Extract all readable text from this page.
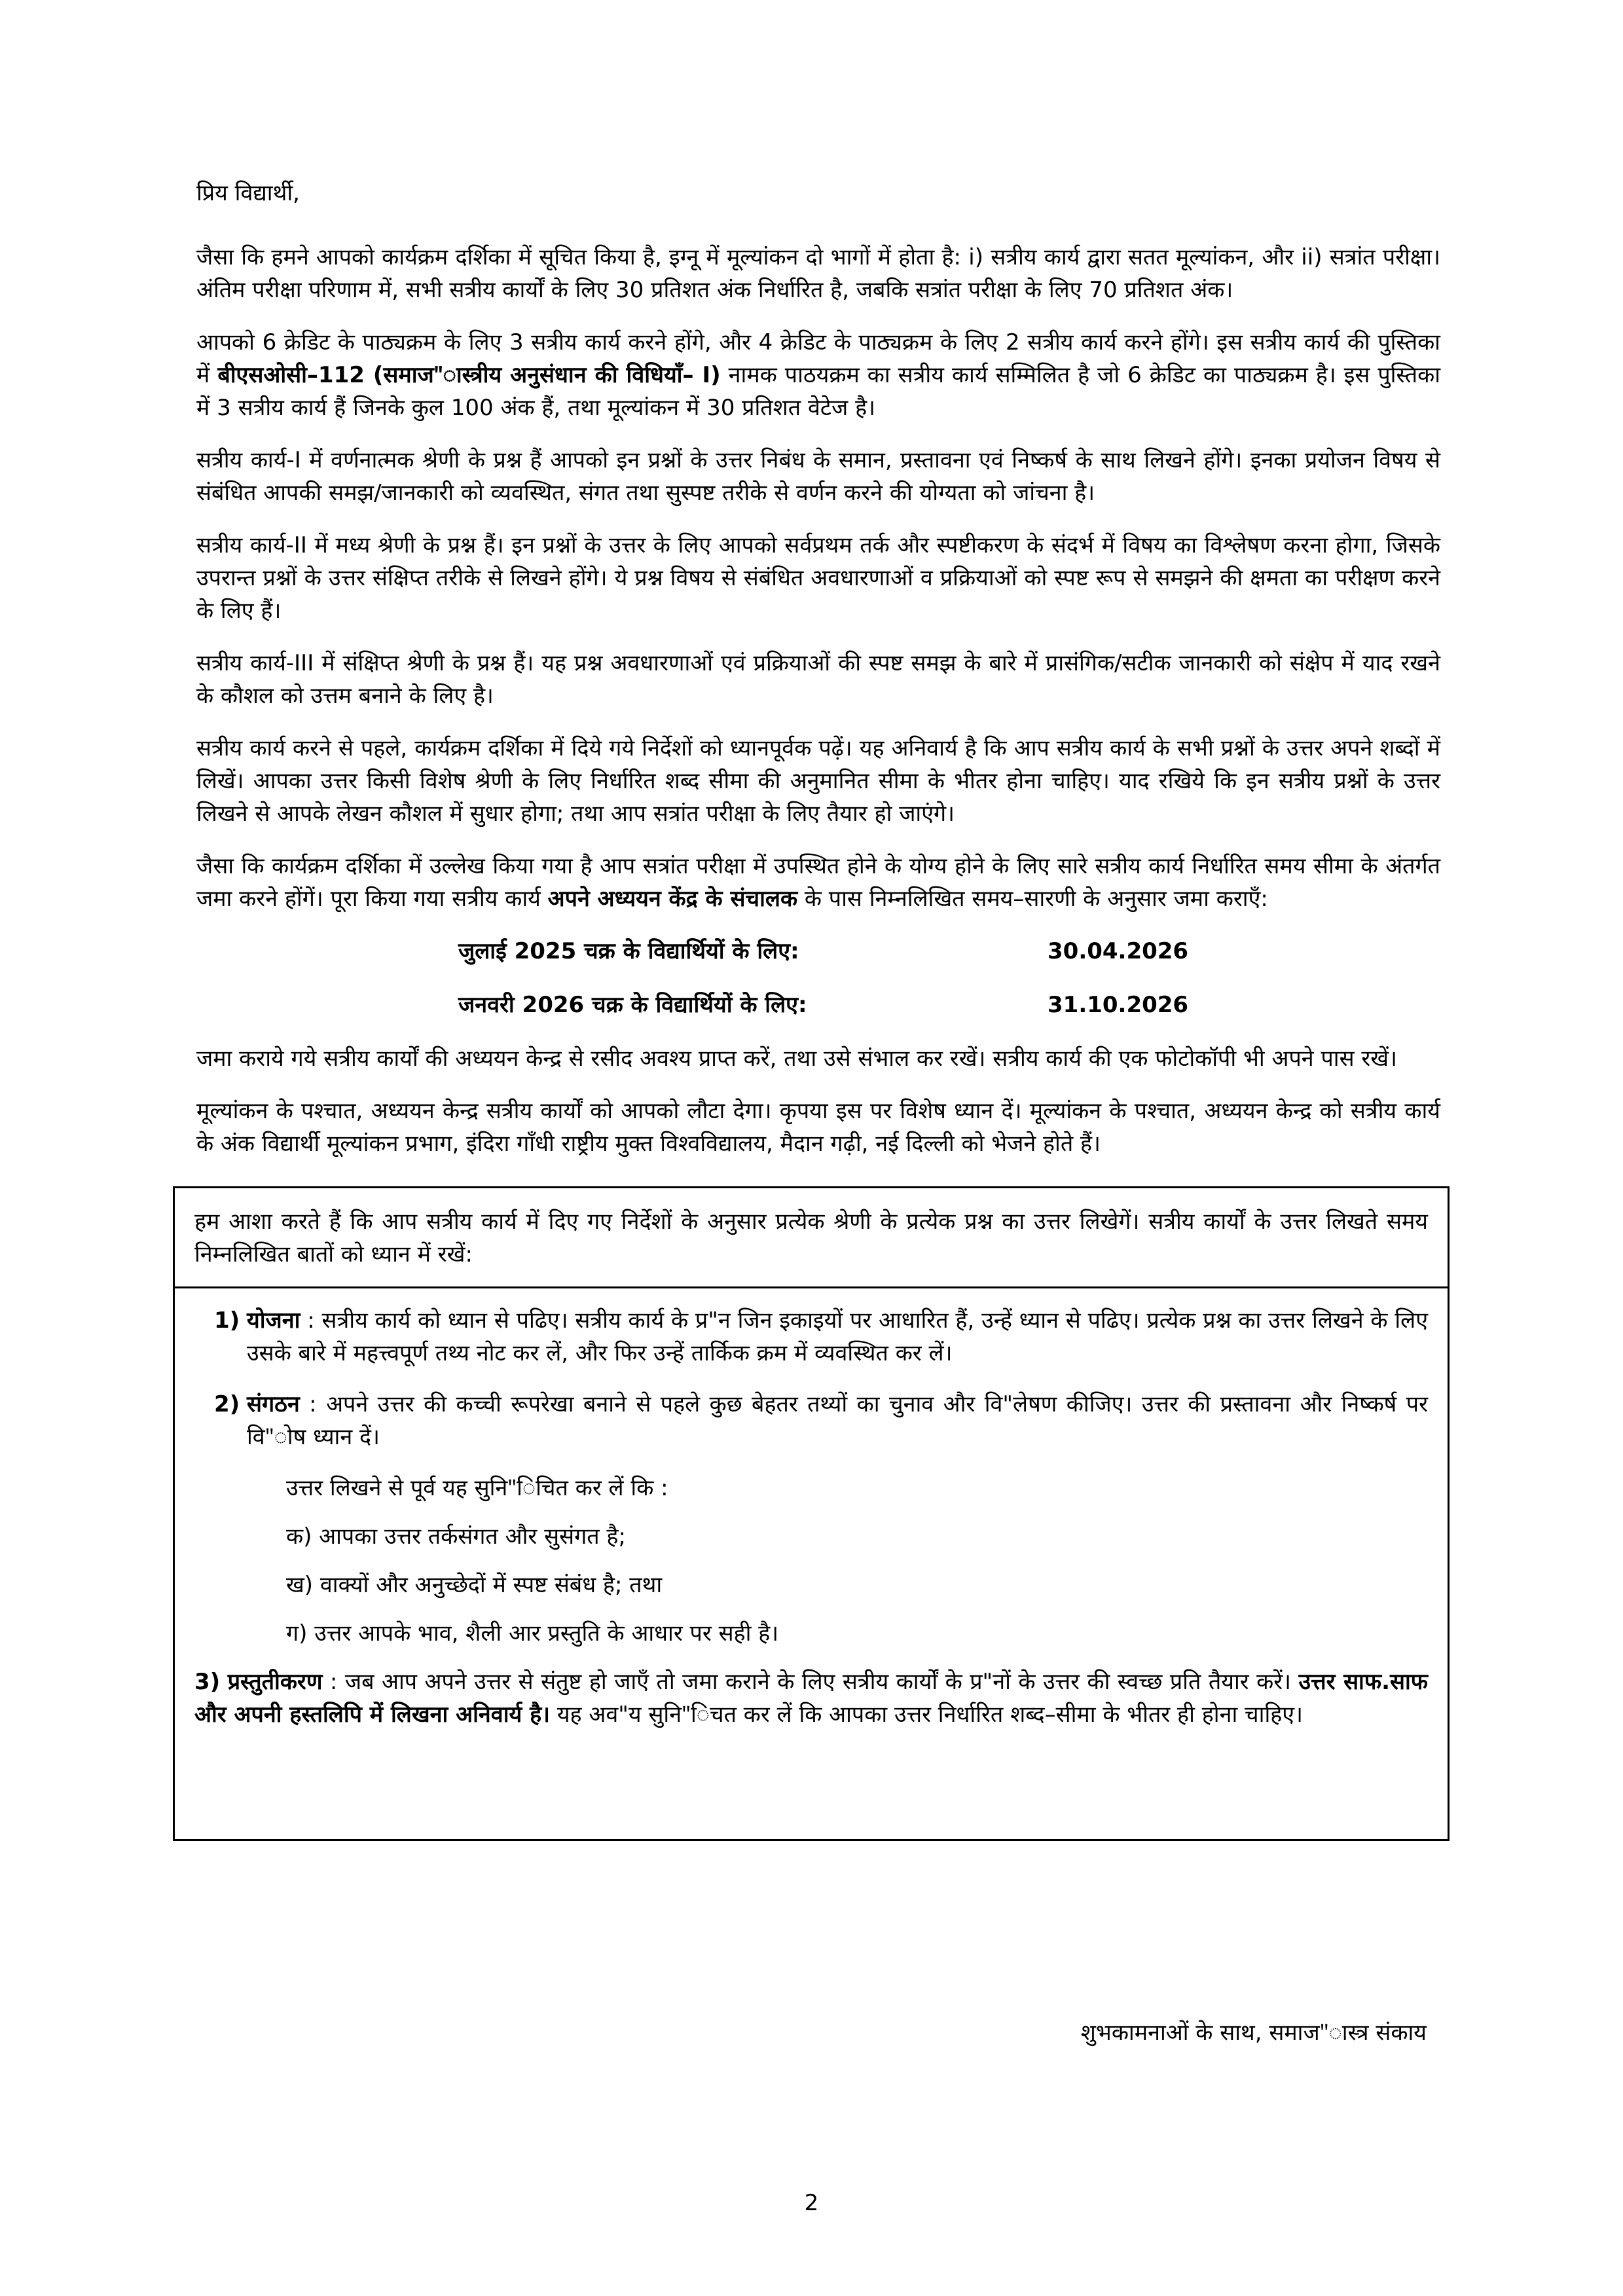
प्रिय विद्यार्थी,

जैसा कि हमने आपको कार्यक्रम दर्शिका में सूचित किया है, इग्नू में मूल्यांकन दो भागों में होता है: i) सत्रीय कार्य द्वारा सतत मूल्यांकन, और ii) सत्रांत परीक्षा। अंतिम परीक्षा परिणाम में, सभी सत्रीय कार्यों के लिए 30 प्रतिशत अंक निर्धारित है, जबकि सत्रांत परीक्षा के लिए 70 प्रतिशत अंक।

आपको 6 क्रेडिट के पाठ्यक्रम के लिए 3 सत्रीय कार्य करने होंगे, और 4 क्रेडिट के पाठ्यक्रम के लिए 2 सत्रीय कार्य करने होंगे। इस सत्रीय कार्य की पुस्तिका में बीएसओसी–112 (समाज"ास्त्रीय अनुसंधान की विधियाँ– I) नामक पाठयक्रम का सत्रीय कार्य सम्मिलित है जो 6 क्रेडिट का पाठ्यक्रम है। इस पुस्तिका में 3 सत्रीय कार्य हैं जिनके कुल 100 अंक हैं, तथा मूल्यांकन में 30 प्रतिशत वेटेज है।

सत्रीय कार्य-I में वर्णनात्मक श्रेणी के प्रश्न हैं आपको इन प्रश्नों के उत्तर निबंध के समान, प्रस्तावना एवं निष्कर्ष के साथ लिखने होंगे। इनका प्रयोजन विषय से संबंधित आपकी समझ/जानकारी को व्यवस्थित, संगत तथा सुस्पष्ट तरीके से वर्णन करने की योग्यता को जांचना है।

सत्रीय कार्य-II में मध्य श्रेणी के प्रश्न हैं। इन प्रश्नों के उत्तर के लिए आपको सर्वप्रथम तर्क और स्पष्टीकरण के संदर्भ में विषय का विश्लेषण करना होगा, जिसके उपरान्त प्रश्नों के उत्तर संक्षिप्त तरीके से लिखने होंगे। ये प्रश्न विषय से संबंधित अवधारणाओं व प्रक्रियाओं को स्पष्ट रूप से समझने की क्षमता का परीक्षण करने के लिए हैं।

सत्रीय कार्य-III में संक्षिप्त श्रेणी के प्रश्न हैं। यह प्रश्न अवधारणाओं एवं प्रक्रियाओं की स्पष्ट समझ के बारे में प्रासंगिक/सटीक जानकारी को संक्षेप में याद रखने के कौशल को उत्तम बनाने के लिए है।

सत्रीय कार्य करने से पहले, कार्यक्रम दर्शिका में दिये गये निर्देशों को ध्यानपूर्वक पढ़ें। यह अनिवार्य है कि आप सत्रीय कार्य के सभी प्रश्नों के उत्तर अपने शब्दों में लिखें। आपका उत्तर किसी विशेष श्रेणी के लिए निर्धारित शब्द सीमा की अनुमानित सीमा के भीतर होना चाहिए। याद रखिये कि इन सत्रीय प्रश्नों के उत्तर लिखने से आपके लेखन कौशल में सुधार होगा; तथा आप सत्रांत परीक्षा के लिए तैयार हो जाएंगे।

जैसा कि कार्यक्रम दर्शिका में उल्लेख किया गया है आप सत्रांत परीक्षा में उपस्थित होने के योग्य होने के लिए सारे सत्रीय कार्य निर्धारित समय सीमा के अंतर्गत जमा करने होंगें। पूरा किया गया सत्रीय कार्य अपने अध्ययन केंद्र के संचालक के पास निम्नलिखित समय–सारणी के अनुसार जमा कराएँ:

जुलाई 2025 चक्र के विद्यार्थियों के लिए:	30.04.2026
जनवरी 2026 चक्र के विद्यार्थियों के लिए:	31.10.2026

जमा कराये गये सत्रीय कार्यों की अध्ययन केन्द्र से रसीद अवश्य प्राप्त करें, तथा उसे संभाल कर रखें। सत्रीय कार्य की एक फोटोकॉपी भी अपने पास रखें।

मूल्यांकन के पश्चात, अध्ययन केन्द्र सत्रीय कार्यों को आपको लौटा देगा। कृपया इस पर विशेष ध्यान दें। मूल्यांकन के पश्चात, अध्ययन केन्द्र को सत्रीय कार्य के अंक विद्यार्थी मूल्यांकन प्रभाग, इंदिरा गाँधी राष्ट्रीय मुक्त विश्वविद्यालय, मैदान गढ़ी, नई दिल्ली को भेजने होते हैं।

हम आशा करते हैं कि आप सत्रीय कार्य में दिए गए निर्देशों के अनुसार प्रत्येक श्रेणी के प्रत्येक प्रश्न का उत्तर लिखेगें। सत्रीय कार्यों के उत्तर लिखते समय निम्नलिखित बातों को ध्यान में रखें:

1) योजना : सत्रीय कार्य को ध्यान से पढिए। सत्रीय कार्य के प्र"न जिन इकाइयों पर आधारित हैं, उन्हें ध्यान से पढिए। प्रत्येक प्रश्न का उत्तर लिखने के लिए उसके बारे में महत्त्वपूर्ण तथ्य नोट कर लें, और फिर उन्हें तार्किक क्रम में व्यवस्थित कर लें।

2) संगठन : अपने उत्तर की कच्ची रूपरेखा बनाने से पहले कुछ बेहतर तथ्यों का चुनाव और वि"लेषण कीजिए। उत्तर की प्रस्तावना और निष्कर्ष पर वि"ोष ध्यान दें।

उत्तर लिखने से पूर्व यह सुनि"िचित कर लें कि :

क) आपका उत्तर तर्कसंगत और सुसंगत है;

ख) वाक्यों और अनुच्छेदों में स्पष्ट संबंध है; तथा

ग) उत्तर आपके भाव, शैली आर प्रस्तुति के आधार पर सही है।

3) प्रस्तुतीकरण : जब आप अपने उत्तर से संतुष्ट हो जाएँ तो जमा कराने के लिए सत्रीय कार्यों के प्र"नों के उत्तर की स्वच्छ प्रति तैयार करें। उत्तर साफ.साफ और अपनी हस्तलिपि में लिखना अनिवार्य है। यह अव"य सुनि"िचत कर लें कि आपका उत्तर निर्धारित शब्द–सीमा के भीतर ही होना चाहिए।

शुभकामनाओं के साथ, समाज"ास्त्र संकाय
2
